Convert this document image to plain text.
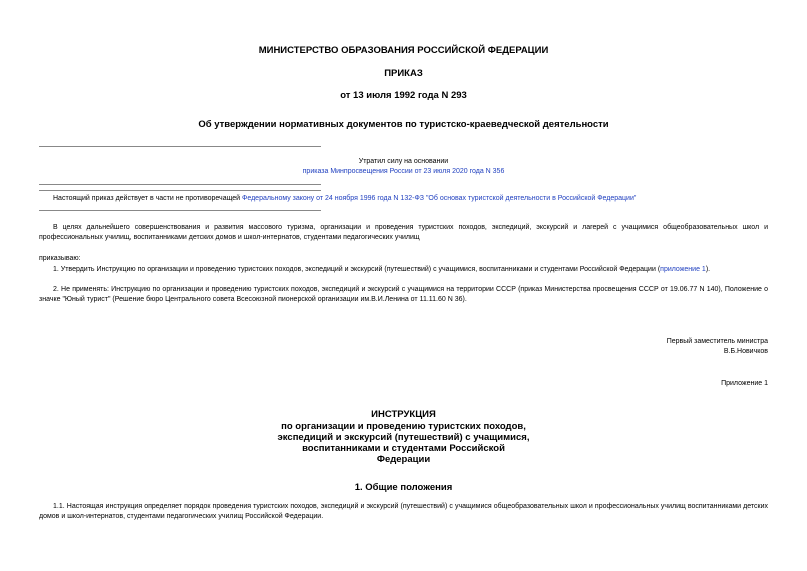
МИНИСТЕРСТВО ОБРАЗОВАНИЯ РОССИЙСКОЙ ФЕДЕРАЦИИ
ПРИКАЗ
от 13 июля 1992 года N 293
Об утверждении нормативных документов по туристско-краеведческой деятельности
Утратил силу на основании
приказа Минпросвещения России от 23 июля 2020 года N 356
Настоящий приказ действует в части не противоречащей Федеральному закону от 24 ноября 1996 года N 132-ФЗ "Об основах туристской деятельности в Российской Федерации"
В целях дальнейшего совершенствования и развития массового туризма, организации и проведения туристских походов, экспедиций, экскурсий и лагерей с учащимися общеобразовательных школ и профессиональных училищ, воспитанниками детских домов и школ-интернатов, студентами педагогических училищ
приказываю:
1. Утвердить Инструкцию по организации и проведению туристских походов, экспедиций и экскурсий (путешествий) с учащимися, воспитанниками и студентами Российской Федерации (приложение 1).
2. Не применять: Инструкцию по организации и проведению туристских походов, экспедиций и экскурсий с учащимися на территории СССР (приказ Министерства просвещения СССР от 19.06.77 N 140), Положение о значке "Юный турист" (Решение бюро Центрального совета Всесоюзной пионерской организации им.В.И.Ленина от 11.11.60 N 36).
Первый заместитель министра
В.Б.Новичков
Приложение 1
ИНСТРУКЦИЯ
по организации и проведению туристских походов,
экспедиций и экскурсий (путешествий) с учащимися,
воспитанниками и студентами Российской
Федерации
1. Общие положения
1.1. Настоящая инструкция определяет порядок проведения туристских походов, экспедиций и экскурсий (путешествий) с учащимися общеобразовательных школ и профессиональных училищ воспитанниками детских домов и школ-интернатов, студентами педагогических училищ Российской Федерации.
